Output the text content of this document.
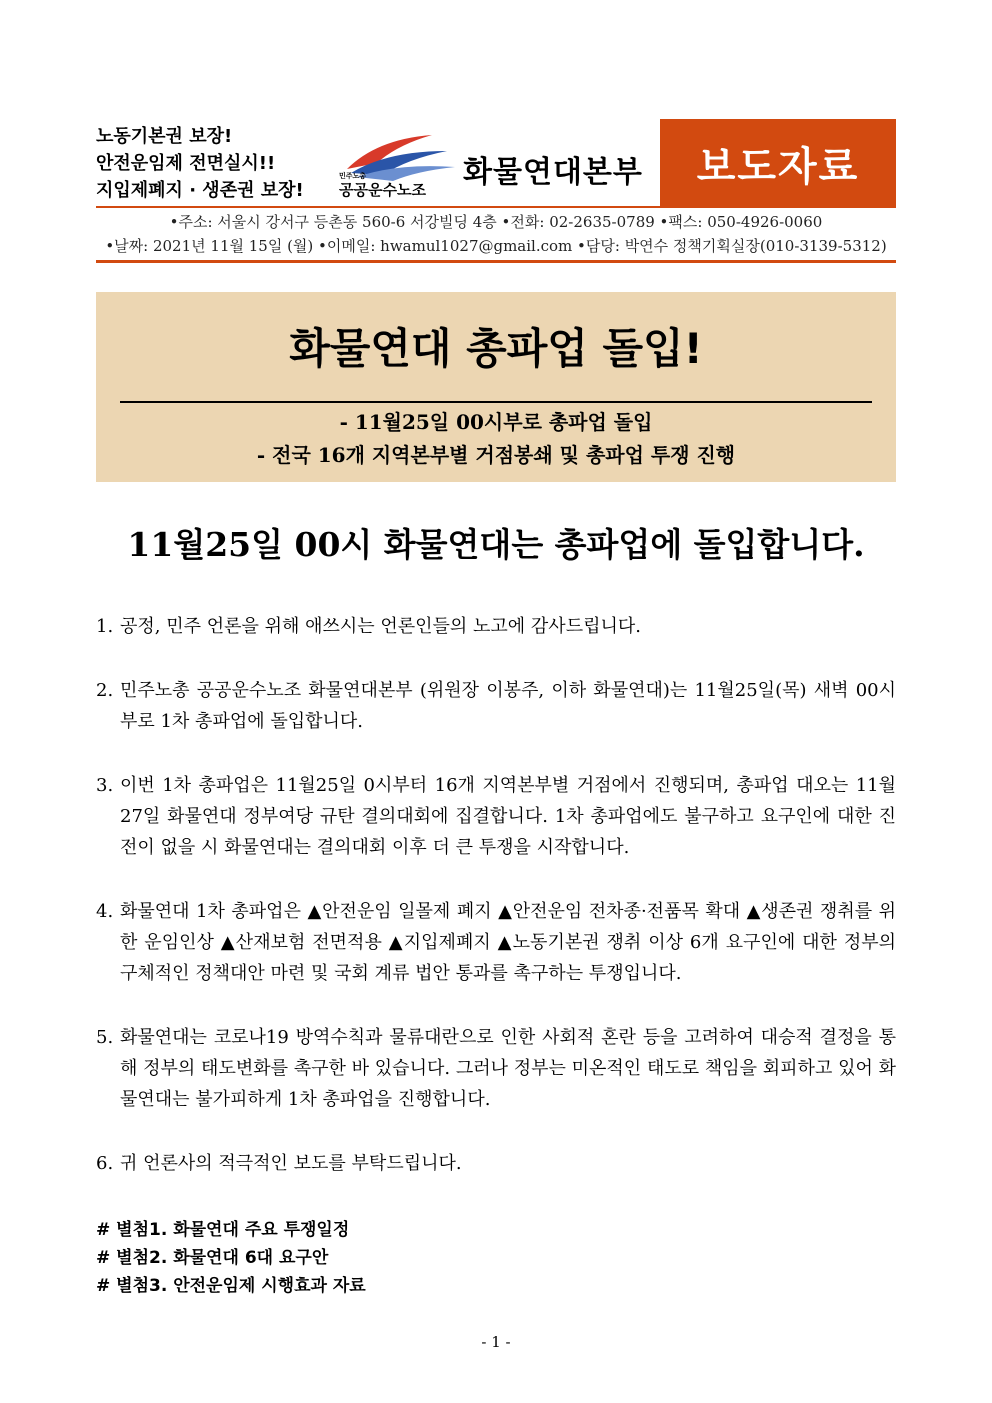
노동기본권 보장!
안전운임제 전면실시!!
지입제폐지 · 생존권 보장!
민주노총
공공운수노조 화물연대본부	보도자료
•주소: 서울시 강서구 등촌동 560-6 서강빌딩 4층 •전화: 02-2635-0789 •팩스: 050-4926-0060
•날짜: 2021년 11월 15일 (월) •이메일: hwamul1027@gmail.com •담당: 박연수 정책기획실장(010-3139-5312)
화물연대 총파업 돌입!
- 11월25일 00시부로 총파업 돌입
- 전국 16개 지역본부별 거점봉쇄 및 총파업 투쟁 진행
11월25일 00시 화물연대는 총파업에 돌입합니다.
1. 공정, 민주 언론을 위해 애쓰시는 언론인들의 노고에 감사드립니다.
2. 민주노총 공공운수노조 화물연대본부 (위원장 이봉주, 이하 화물연대)는 11월25일(목) 새벽 00시부로 1차 총파업에 돌입합니다.
3. 이번 1차 총파업은 11월25일 0시부터 16개 지역본부별 거점에서 진행되며, 총파업 대오는 11월 27일 화물연대 정부여당 규탄 결의대회에 집결합니다. 1차 총파업에도 불구하고 요구인에 대한 진전이 없을 시 화물연대는 결의대회 이후 더 큰 투쟁을 시작합니다.
4. 화물연대 1차 총파업은 ▲안전운임 일몰제 폐지 ▲안전운임 전차종·전품목 확대 ▲생존권 쟁취를 위한 운임인상 ▲산재보험 전면적용 ▲지입제폐지 ▲노동기본권 쟁취 이상 6개 요구인에 대한 정부의 구체적인 정책대안 마련 및 국회 계류 법안 통과를 촉구하는 투쟁입니다.
5. 화물연대는 코로나19 방역수칙과 물류대란으로 인한 사회적 혼란 등을 고려하여 대승적 결정을 통해 정부의 태도변화를 촉구한 바 있습니다. 그러나 정부는 미온적인 태도로 책임을 회피하고 있어 화물연대는 불가피하게 1차 총파업을 진행합니다.
6. 귀 언론사의 적극적인 보도를 부탁드립니다.
# 별첨1. 화물연대 주요 투쟁일정
# 별첨2. 화물연대 6대 요구안
# 별첨3. 안전운임제 시행효과 자료
- 1 -
